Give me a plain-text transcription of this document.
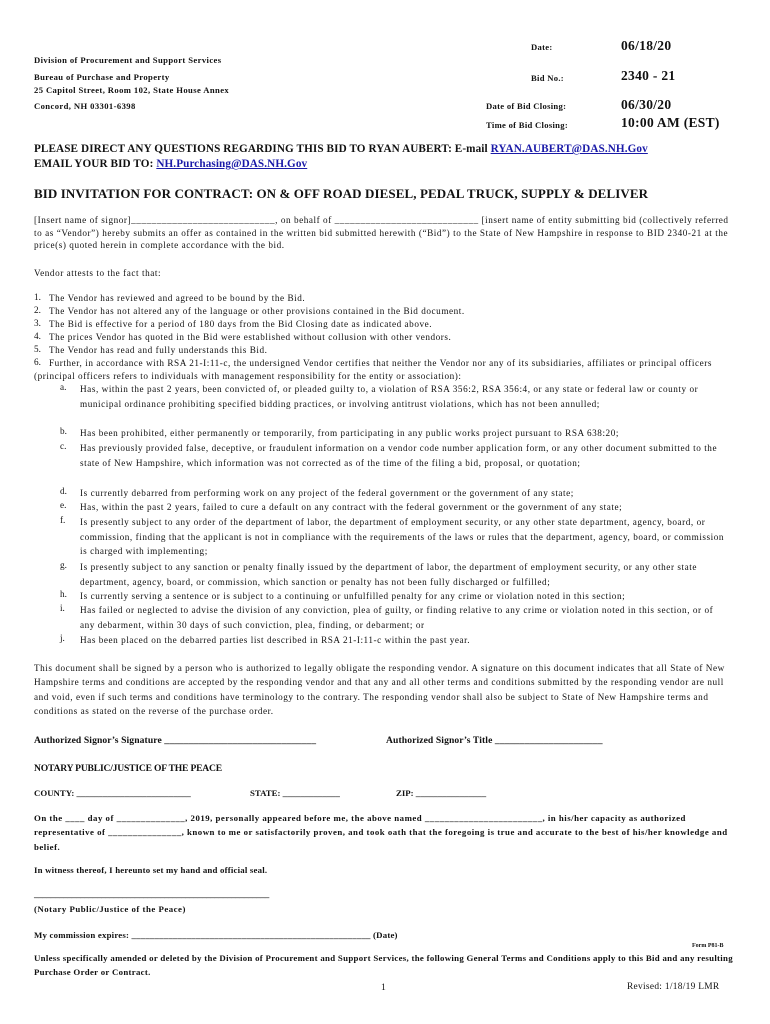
Date:	06/18/20
Bid No.:	2340 - 21
Date of Bid Closing:	06/30/20
Time of Bid Closing:	10:00 AM (EST)
Division of Procurement and Support Services
Bureau of Purchase and Property
25 Capitol Street, Room 102, State House Annex
Concord, NH 03301-6398
PLEASE DIRECT ANY QUESTIONS REGARDING THIS BID TO RYAN AUBERT: E-mail RYAN.AUBERT@DAS.NH.Gov
EMAIL YOUR BID TO: NH.Purchasing@DAS.NH.Gov
BID INVITATION FOR CONTRACT: ON & OFF ROAD DIESEL, PEDAL TRUCK, SUPPLY & DELIVER
[Insert name of signor]____________________________, on behalf of ____________________________ [insert name of entity submitting bid (collectively referred to as “Vendor”) hereby submits an offer as contained in the written bid submitted herewith (“Bid”) to the State of New Hampshire in response to BID 2340-21 at the price(s) quoted herein in complete accordance with the bid.
Vendor attests to the fact that:
1. The Vendor has reviewed and agreed to be bound by the Bid.
2. The Vendor has not altered any of the language or other provisions contained in the Bid document.
3. The Bid is effective for a period of 180 days from the Bid Closing date as indicated above.
4. The prices Vendor has quoted in the Bid were established without collusion with other vendors.
5. The Vendor has read and fully understands this Bid.
6. Further, in accordance with RSA 21-I:11-c, the undersigned Vendor certifies that neither the Vendor nor any of its subsidiaries, affiliates or principal officers (principal officers refers to individuals with management responsibility for the entity or association):
a. Has, within the past 2 years, been convicted of, or pleaded guilty to, a violation of RSA 356:2, RSA 356:4, or any state or federal law or county or municipal ordinance prohibiting specified bidding practices, or involving antitrust violations, which has not been annulled;
b. Has been prohibited, either permanently or temporarily, from participating in any public works project pursuant to RSA 638:20;
c. Has previously provided false, deceptive, or fraudulent information on a vendor code number application form, or any other document submitted to the state of New Hampshire, which information was not corrected as of the time of the filing a bid, proposal, or quotation;
d. Is currently debarred from performing work on any project of the federal government or the government of any state;
e. Has, within the past 2 years, failed to cure a default on any contract with the federal government or the government of any state;
f. Is presently subject to any order of the department of labor, the department of employment security, or any other state department, agency, board, or commission, finding that the applicant is not in compliance with the requirements of the laws or rules that the department, agency, board, or commission is charged with implementing;
g. Is presently subject to any sanction or penalty finally issued by the department of labor, the department of employment security, or any other state department, agency, board, or commission, which sanction or penalty has not been fully discharged or fulfilled;
h. Is currently serving a sentence or is subject to a continuing or unfulfilled penalty for any crime or violation noted in this section;
i. Has failed or neglected to advise the division of any conviction, plea of guilty, or finding relative to any crime or violation noted in this section, or of any debarment, within 30 days of such conviction, plea, finding, or debarment; or
j. Has been placed on the debarred parties list described in RSA 21-I:11-c within the past year.
This document shall be signed by a person who is authorized to legally obligate the responding vendor. A signature on this document indicates that all State of New Hampshire terms and conditions are accepted by the responding vendor and that any and all other terms and conditions submitted by the responding vendor are null and void, even if such terms and conditions have terminology to the contrary. The responding vendor shall also be subject to State of New Hampshire terms and conditions as stated on the reverse of the purchase order.
Authorized Signor’s Signature _______________________________	Authorized Signor’s Title ______________________
NOTARY PUBLIC/JUSTICE OF THE PEACE
COUNTY: __________________________	STATE: _____________	ZIP: ________________
On the ____ day of ______________, 2019, personally appeared before me, the above named ________________________, in his/her capacity as authorized representative of _______________, known to me or satisfactorily proven, and took oath that the foregoing is true and accurate to the best of his/her knowledge and belief.
In witness thereof, I hereunto set my hand and official seal.
________________________________________________________
(Notary Public/Justice of the Peace)
My commission expires: ____________________________________________________ (Date)
Form P81-B
Unless specifically amended or deleted by the Division of Procurement and Support Services, the following General Terms and Conditions apply to this Bid and any resulting Purchase Order or Contract.
1	Revised: 1/18/19 LMR
